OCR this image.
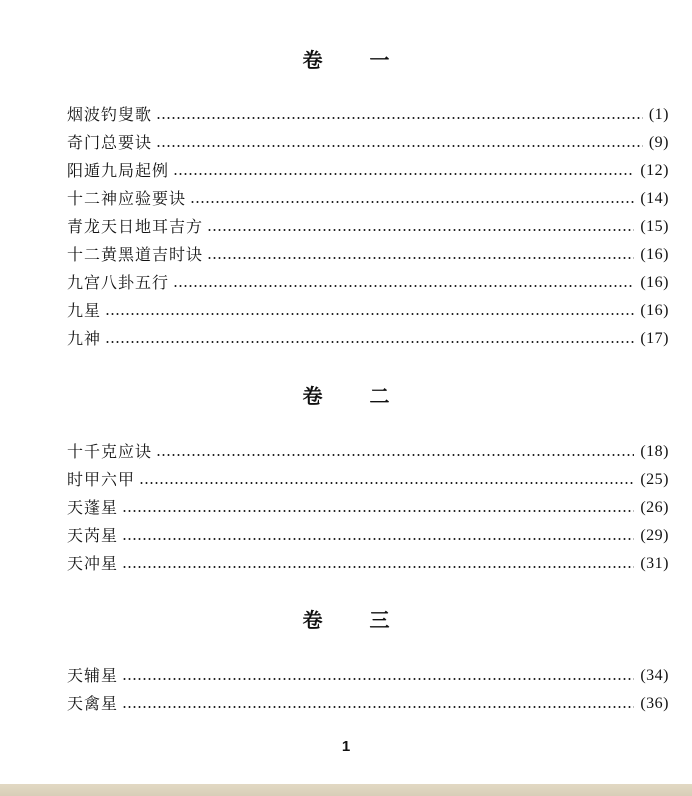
卷 一
烟波钓叟歌	(1)
奇门总要诀	(9)
阳遁九局起例	(12)
十二神应验要诀	(14)
青龙天日地耳吉方	(15)
十二黄黑道吉时诀	(16)
九宫八卦五行	(16)
九星	(16)
九神	(17)
卷 二
十千克应诀	(18)
时甲六甲	(25)
天蓬星	(26)
天芮星	(29)
天冲星	(31)
卷 三
天辅星	(34)
天禽星	(36)
1
